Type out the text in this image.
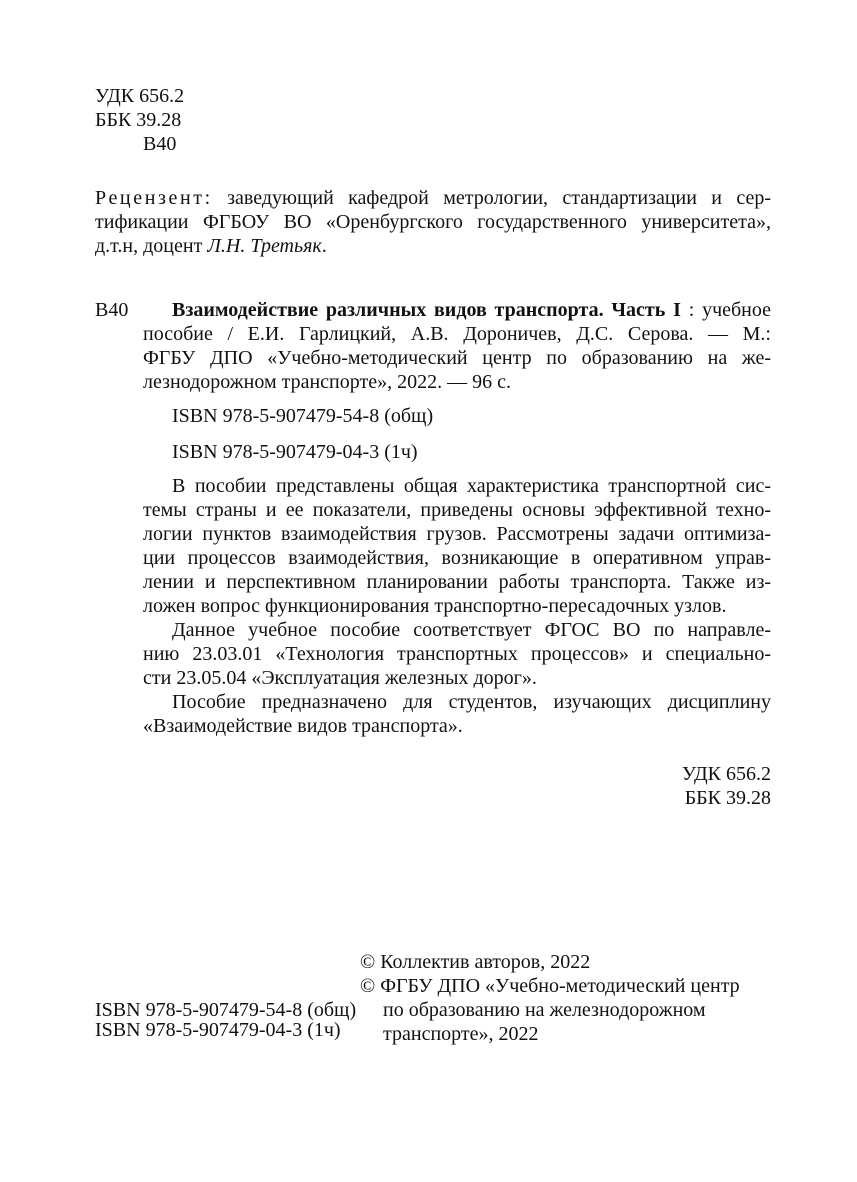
УДК 656.2
ББК 39.28
В40
Рецензент: заведующий кафедрой метрологии, стандартизации и сер-
тификации ФГБОУ ВО «Оренбургского государственного университета»,
д.т.н, доцент Л.Н. Третьяк.
В40 Взаимодействие различных видов транспорта. Часть I : учебное
пособие / Е.И. Гарлицкий, А.В. Дороничев, Д.С. Серова. — М.:
ФГБУ ДПО «Учебно-методический центр по образованию на же-
лезнодорожном транспорте», 2022. — 96 с.
ISBN 978-5-907479-54-8 (общ)
ISBN 978-5-907479-04-3 (1ч)
В пособии представлены общая характеристика транспортной сис-
темы страны и ее показатели, приведены основы эффективной техно-
логии пунктов взаимодействия грузов. Рассмотрены задачи оптимиза-
ции процессов взаимодействия, возникающие в оперативном управ-
лении и перспективном планировании работы транспорта. Также из-
ложен вопрос функционирования транспортно-пересадочных узлов.
Данное учебное пособие соответствует ФГОС ВО по направле-
нию 23.03.01 «Технология транспортных процессов» и специально-
сти 23.05.04 «Эксплуатация железных дорог».
Пособие предназначено для студентов, изучающих дисциплину
«Взаимодействие видов транспорта».
УДК 656.2
ББК 39.28
© Коллектив авторов, 2022
© ФГБУ ДПО «Учебно-методический центр
по образованию на железнодорожном
транспорте», 2022
ISBN 978-5-907479-54-8 (общ)
ISBN 978-5-907479-04-3 (1ч)
